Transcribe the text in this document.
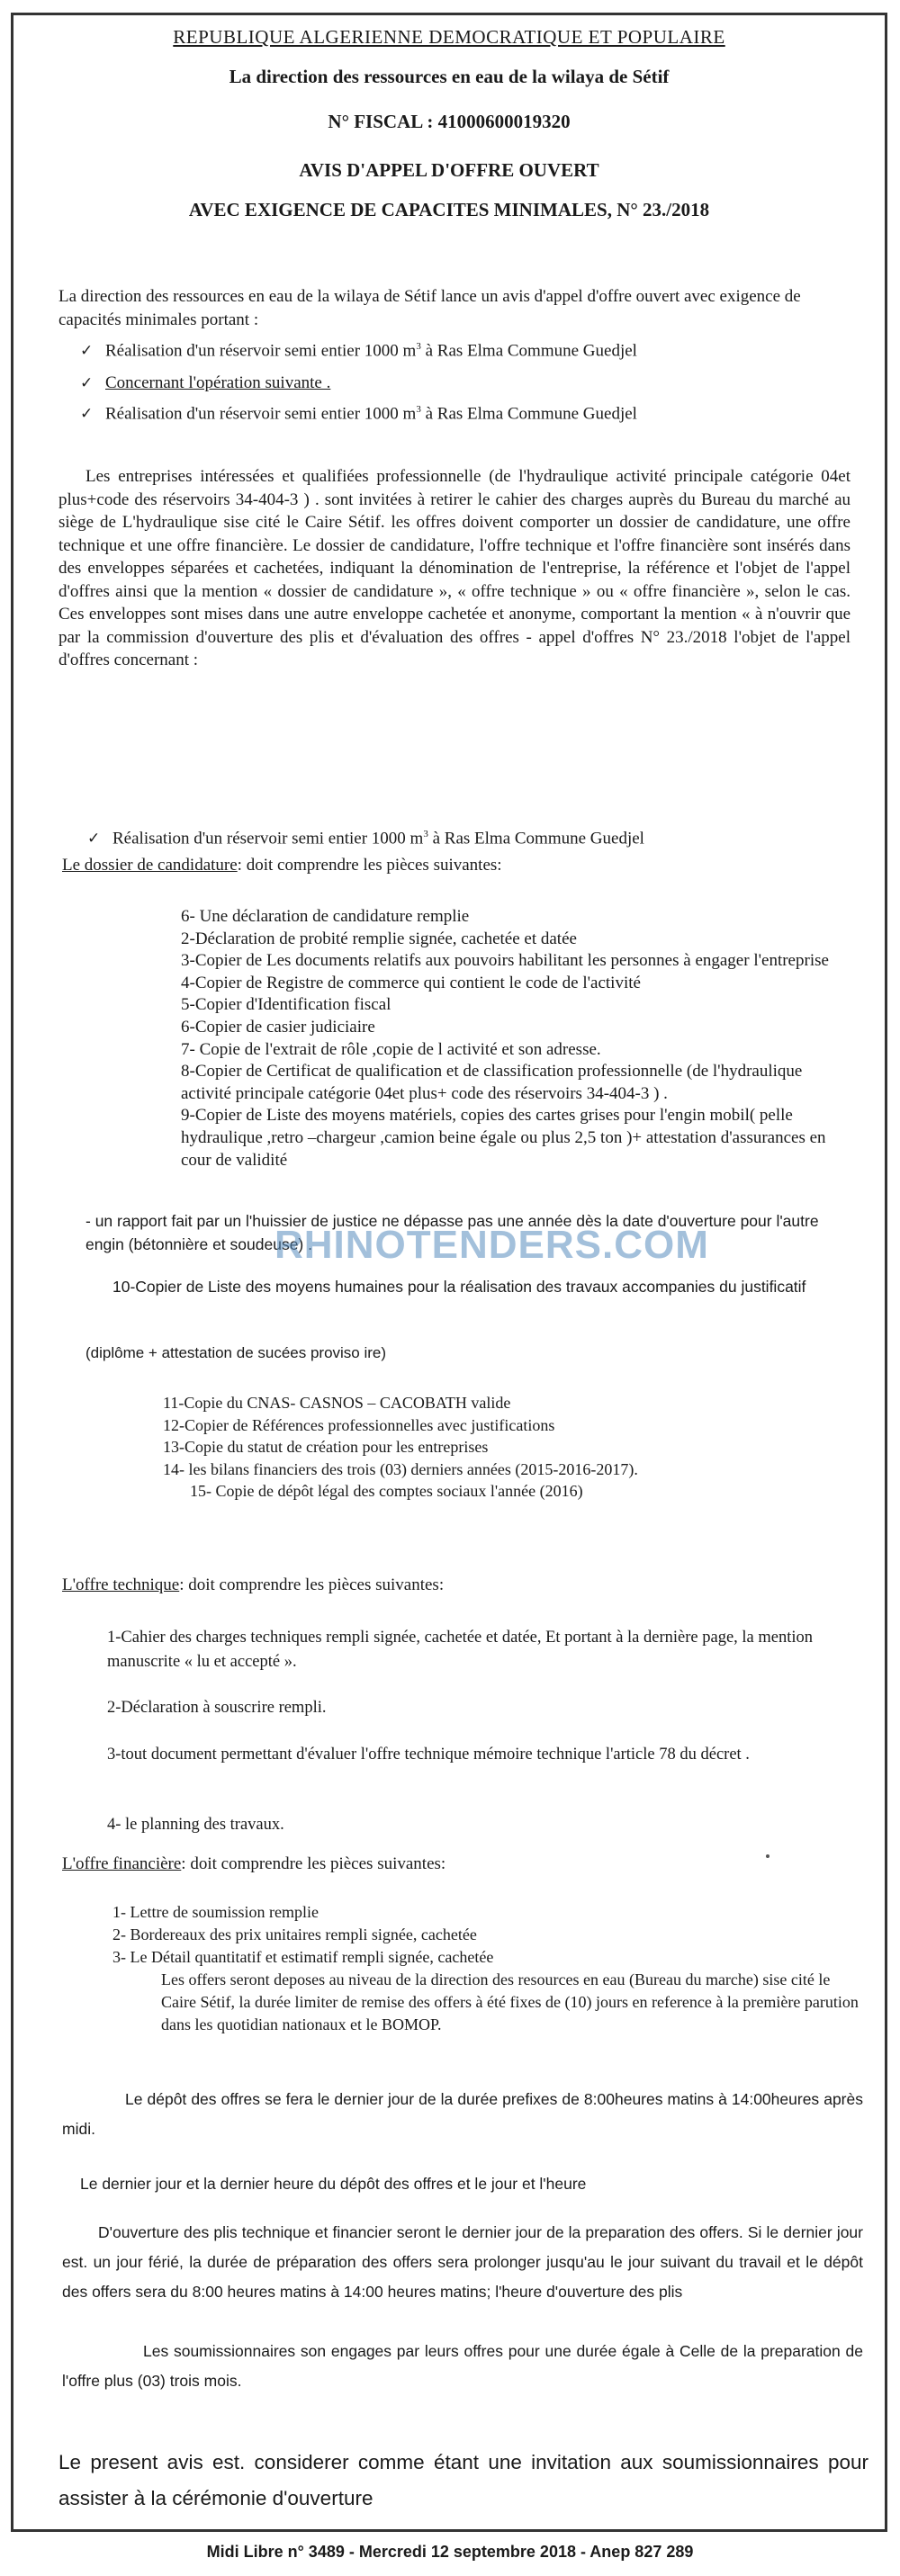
REPUBLIQUE ALGERIENNE DEMOCRATIQUE ET POPULAIRE
La direction des ressources en eau de la wilaya de Sétif
N° FISCAL : 41000600019320
AVIS D'APPEL D'OFFRE OUVERT
AVEC EXIGENCE DE CAPACITES MINIMALES, N° 23./2018
La direction des ressources en eau de la wilaya de Sétif lance un avis d'appel d'offre ouvert avec exigence de capacités minimales portant :
✓ Réalisation d'un réservoir semi entier 1000 $m^3$ à Ras Elma Commune Guedjel
✓ Concernant l'opération suivante .
✓ Réalisation d'un réservoir semi entier 1000 $m^3$ à Ras Elma Commune Guedjel
Les entreprises intéressées et qualifiées professionnelle (de l'hydraulique activité principale catégorie 04et plus+code des réservoirs 34-404-3 ) . sont invitées à retirer le cahier des charges auprès du Bureau du marché au siège de L'hydraulique sise cité le Caire Sétif. les offres doivent comporter un dossier de candidature, une offre technique et une offre financière. Le dossier de candidature, l'offre technique et l'offre financière sont insérés dans des enveloppes séparées et cachetées, indiquant la dénomination de l'entreprise, la référence et l'objet de l'appel d'offres ainsi que la mention « dossier de candidature », « offre technique » ou « offre financière », selon le cas. Ces enveloppes sont mises dans une autre enveloppe cachetée et anonyme, comportant la mention « à n'ouvrir que par la commission d'ouverture des plis et d'évaluation des offres - appel d'offres N° 23./2018 l'objet de l'appel d'offres concernant :
✓ Réalisation d'un réservoir semi entier 1000 $m^3$ à Ras Elma Commune Guedjel
Le dossier de candidature: doit comprendre les pièces suivantes:
6- Une déclaration de candidature remplie
2-Déclaration de probité remplie signée, cachetée et datée
3-Copier de Les documents relatifs aux pouvoirs habilitant les personnes à engager l'entreprise
4-Copier de Registre de commerce qui contient le code de l'activité
5-Copier d'Identification fiscal
6-Copier de casier judiciaire
7- Copie de l'extrait de rôle ,copie de l activité et son adresse.
8-Copier de Certificat de qualification et de classification professionnelle (de l'hydraulique activité principale catégorie 04et plus+ code des réservoirs 34-404-3 ) .
9-Copier de Liste des moyens matériels, copies des cartes grises pour l'engin mobil( pelle hydraulique ,retro –chargeur ,camion beine égale ou plus 2,5 ton )+ attestation d'assurances en cour de validité
- un rapport fait par un l'huissier de justice ne dépasse pas une année dès la date d'ouverture pour l'autre engin (bétonnière et soudeuse) .
RHINOTENDERS.COM
10-Copier de Liste des moyens humaines pour la réalisation des travaux accompanies du justificatif
(diplôme + attestation de sucées proviso ire)
11-Copie du CNAS- CASNOS – CACOBATH valide
12-Copier de Références professionnelles avec justifications
13-Copie du statut de création pour les entreprises
14- les bilans financiers des trois (03) derniers années (2015-2016-2017).
15- Copie de dépôt légal des comptes sociaux l'année (2016)
L'offre technique: doit comprendre les pièces suivantes:
1-Cahier des charges techniques rempli signée, cachetée et datée, Et portant à la dernière page, la mention manuscrite « lu et accepté ».
2-Déclaration à souscrire rempli.
3-tout document permettant d'évaluer l'offre technique mémoire technique l'article 78 du décret .
4- le planning des travaux.
L'offre financière: doit comprendre les pièces suivantes:
1- Lettre de soumission remplie
2- Bordereaux des prix unitaires rempli signée, cachetée
3- Le Détail quantitatif et estimatif rempli signée, cachetée
Les offers seront deposes au niveau de la direction des resources en eau (Bureau du marche) sise cité le Caire Sétif, la durée limiter de remise des offers à été fixes de (10) jours en reference à la première parution dans les quotidian nationaux et le BOMOP.
Le dépôt des offres se fera le dernier jour de la durée prefixes de 8:00heures matins à 14:00heures après midi.
Le dernier jour et la dernier heure du dépôt des offres et le jour et l'heure
D'ouverture des plis technique et financier seront le dernier jour de la preparation des offers. Si le dernier jour est. un jour férié, la durée de préparation des offers sera prolonger jusqu'au le jour suivant du travail et le dépôt des offers sera du 8:00 heures matins à 14:00 heures matins; l'heure d'ouverture des plis
Les soumissionnaires son engages par leurs offres pour une durée égale à Celle de la preparation de l'offre plus (03) trois mois.
Le present avis est. considerer comme étant une invitation aux soumissionnaires pour assister à la cérémonie d'ouverture
Midi Libre n° 3489 - Mercredi 12 septembre 2018 - Anep 827 289
